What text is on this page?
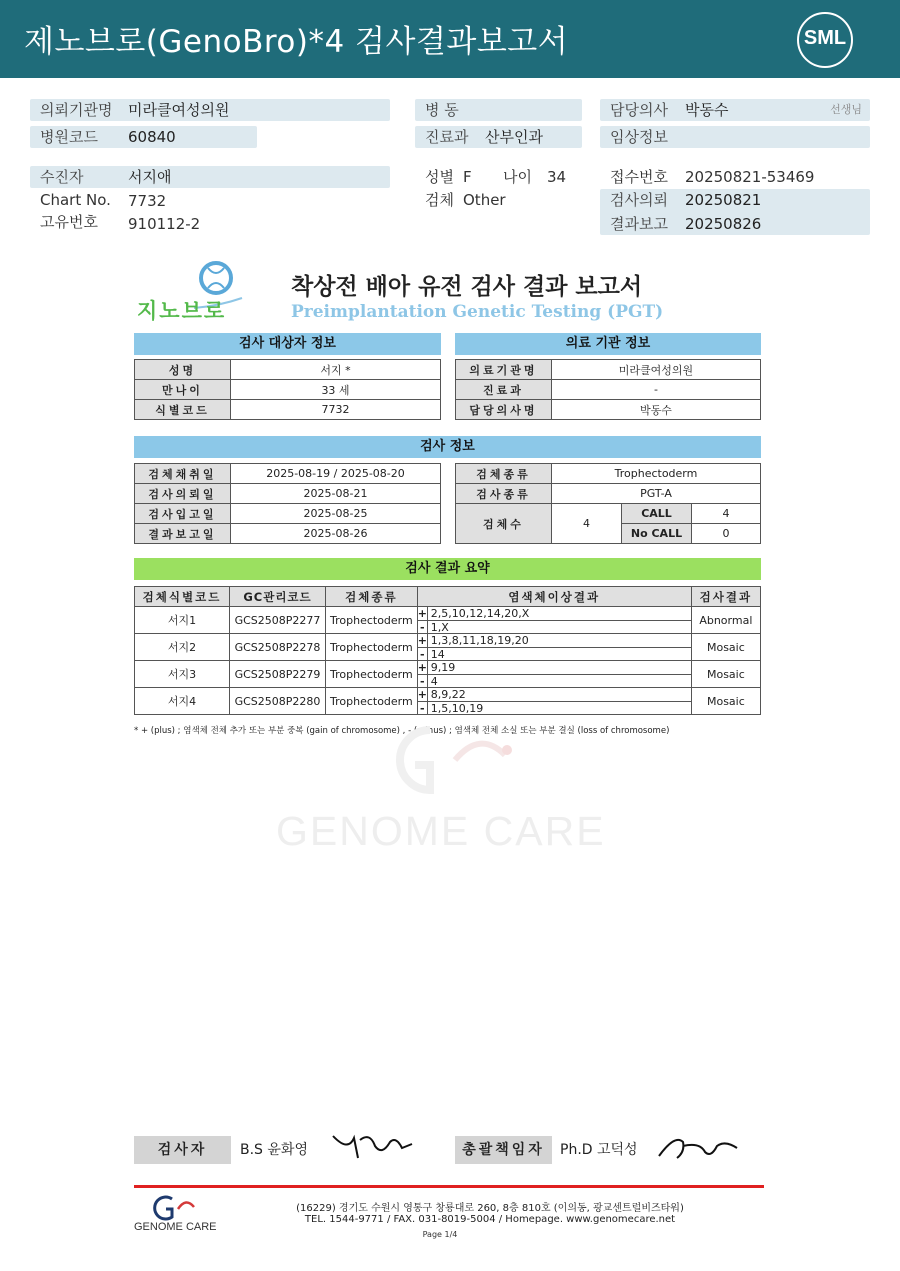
제노브로(GenoBro)*4 검사결과보고서	SML
의뢰기관명 미라클여성의원
병원코드 60840
병 동
진료과 산부인과
담당의사 박동수	선생님
임상정보
수진자	서지애
Chart No. 7732
고유번호 910112-2
성별 F 나이 34
검체 Other
접수번호 20250821-53469
검사의뢰 20250821
결과보고 20250826
지노브로
착상전 배아 유전 검사 결과 보고서
Preimplantation Genetic Testing (PGT)
검사 대상자 정보
성명	서지 *
만나이	33 세
식별코드	7732
의료 기관 정보
의료기관명	미라클여성의원
진료과	-
담당의사명	박동수
검사 정보
검체채취일	2025-08-19 / 2025-08-20
검사의뢰일	2025-08-21
검사입고일	2025-08-25
결과보고일	2025-08-26
검체종류	Trophectoderm		
검사종류	PGT-A		
검체수	4	CALL	4
		No CALL	0
검사 결과 요약
검체식별코드	GC관리코드	검체종류	염색체이상결과	검사결과
서지1	GCS2508P2277	Trophectoderm	+ 2,5,10,12,14,20,X
- 1,X	Abnormal
서지2	GCS2508P2278	Trophectoderm	+ 1,3,8,11,18,19,20
- 14	Mosaic
서지3	GCS2508P2279	Trophectoderm	+ 9,19
- 4	Mosaic
서지4	GCS2508P2280	Trophectoderm	+ 8,9,22
- 1,5,10,19	Mosaic
* + (plus) ; 염색체 전체 추가 또는 부분 중복 (gain of chromosome) , - (minus) ; 염색체 전체 소실 또는 부분 결실 (loss of chromosome)
GENOME CARE
검사자	B.S 윤화영	총괄책임자	Ph.D 고덕성
GENOME CARE
(16229) 경기도 수원시 영통구 창룡대로 260, 8층 810호 (이의동, 광교센트럴비즈타워)
TEL. 1544-9771 / FAX. 031-8019-5004 / Homepage. www.genomecare.net
Page 1/4
